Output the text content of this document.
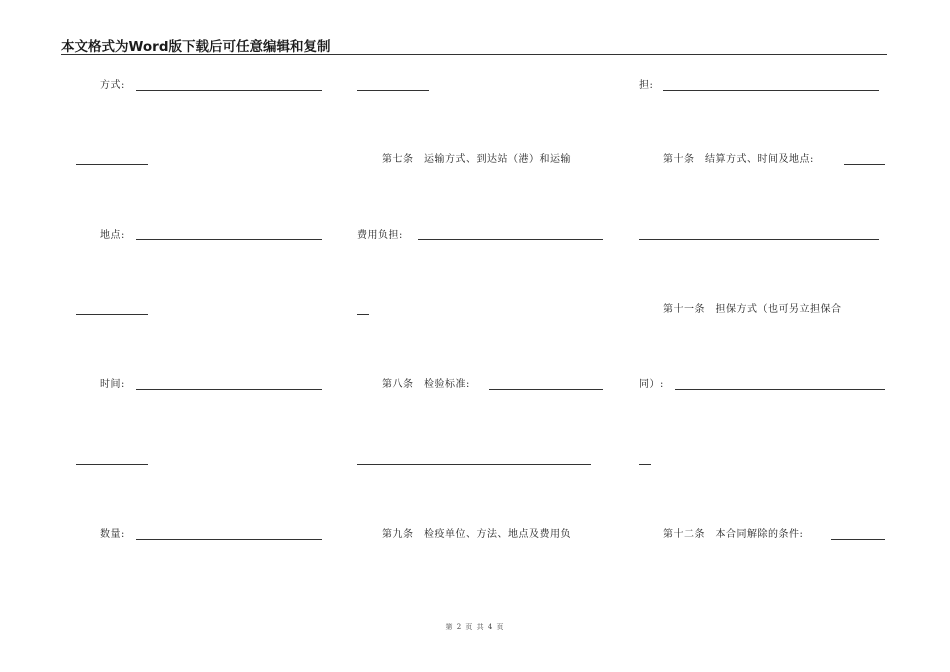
本文格式为Word版下载后可任意编辑和复制
方式:
地点:
时间:
数量:
第七条　运输方式、到达站（港）和运输
费用负担:
第八条　检验标准:
第九条　检疫单位、方法、地点及费用负
担:
第十条　结算方式、时间及地点:
第十一条　担保方式（也可另立担保合
同）:
第十二条　本合同解除的条件:
第 2 页 共 4 页
